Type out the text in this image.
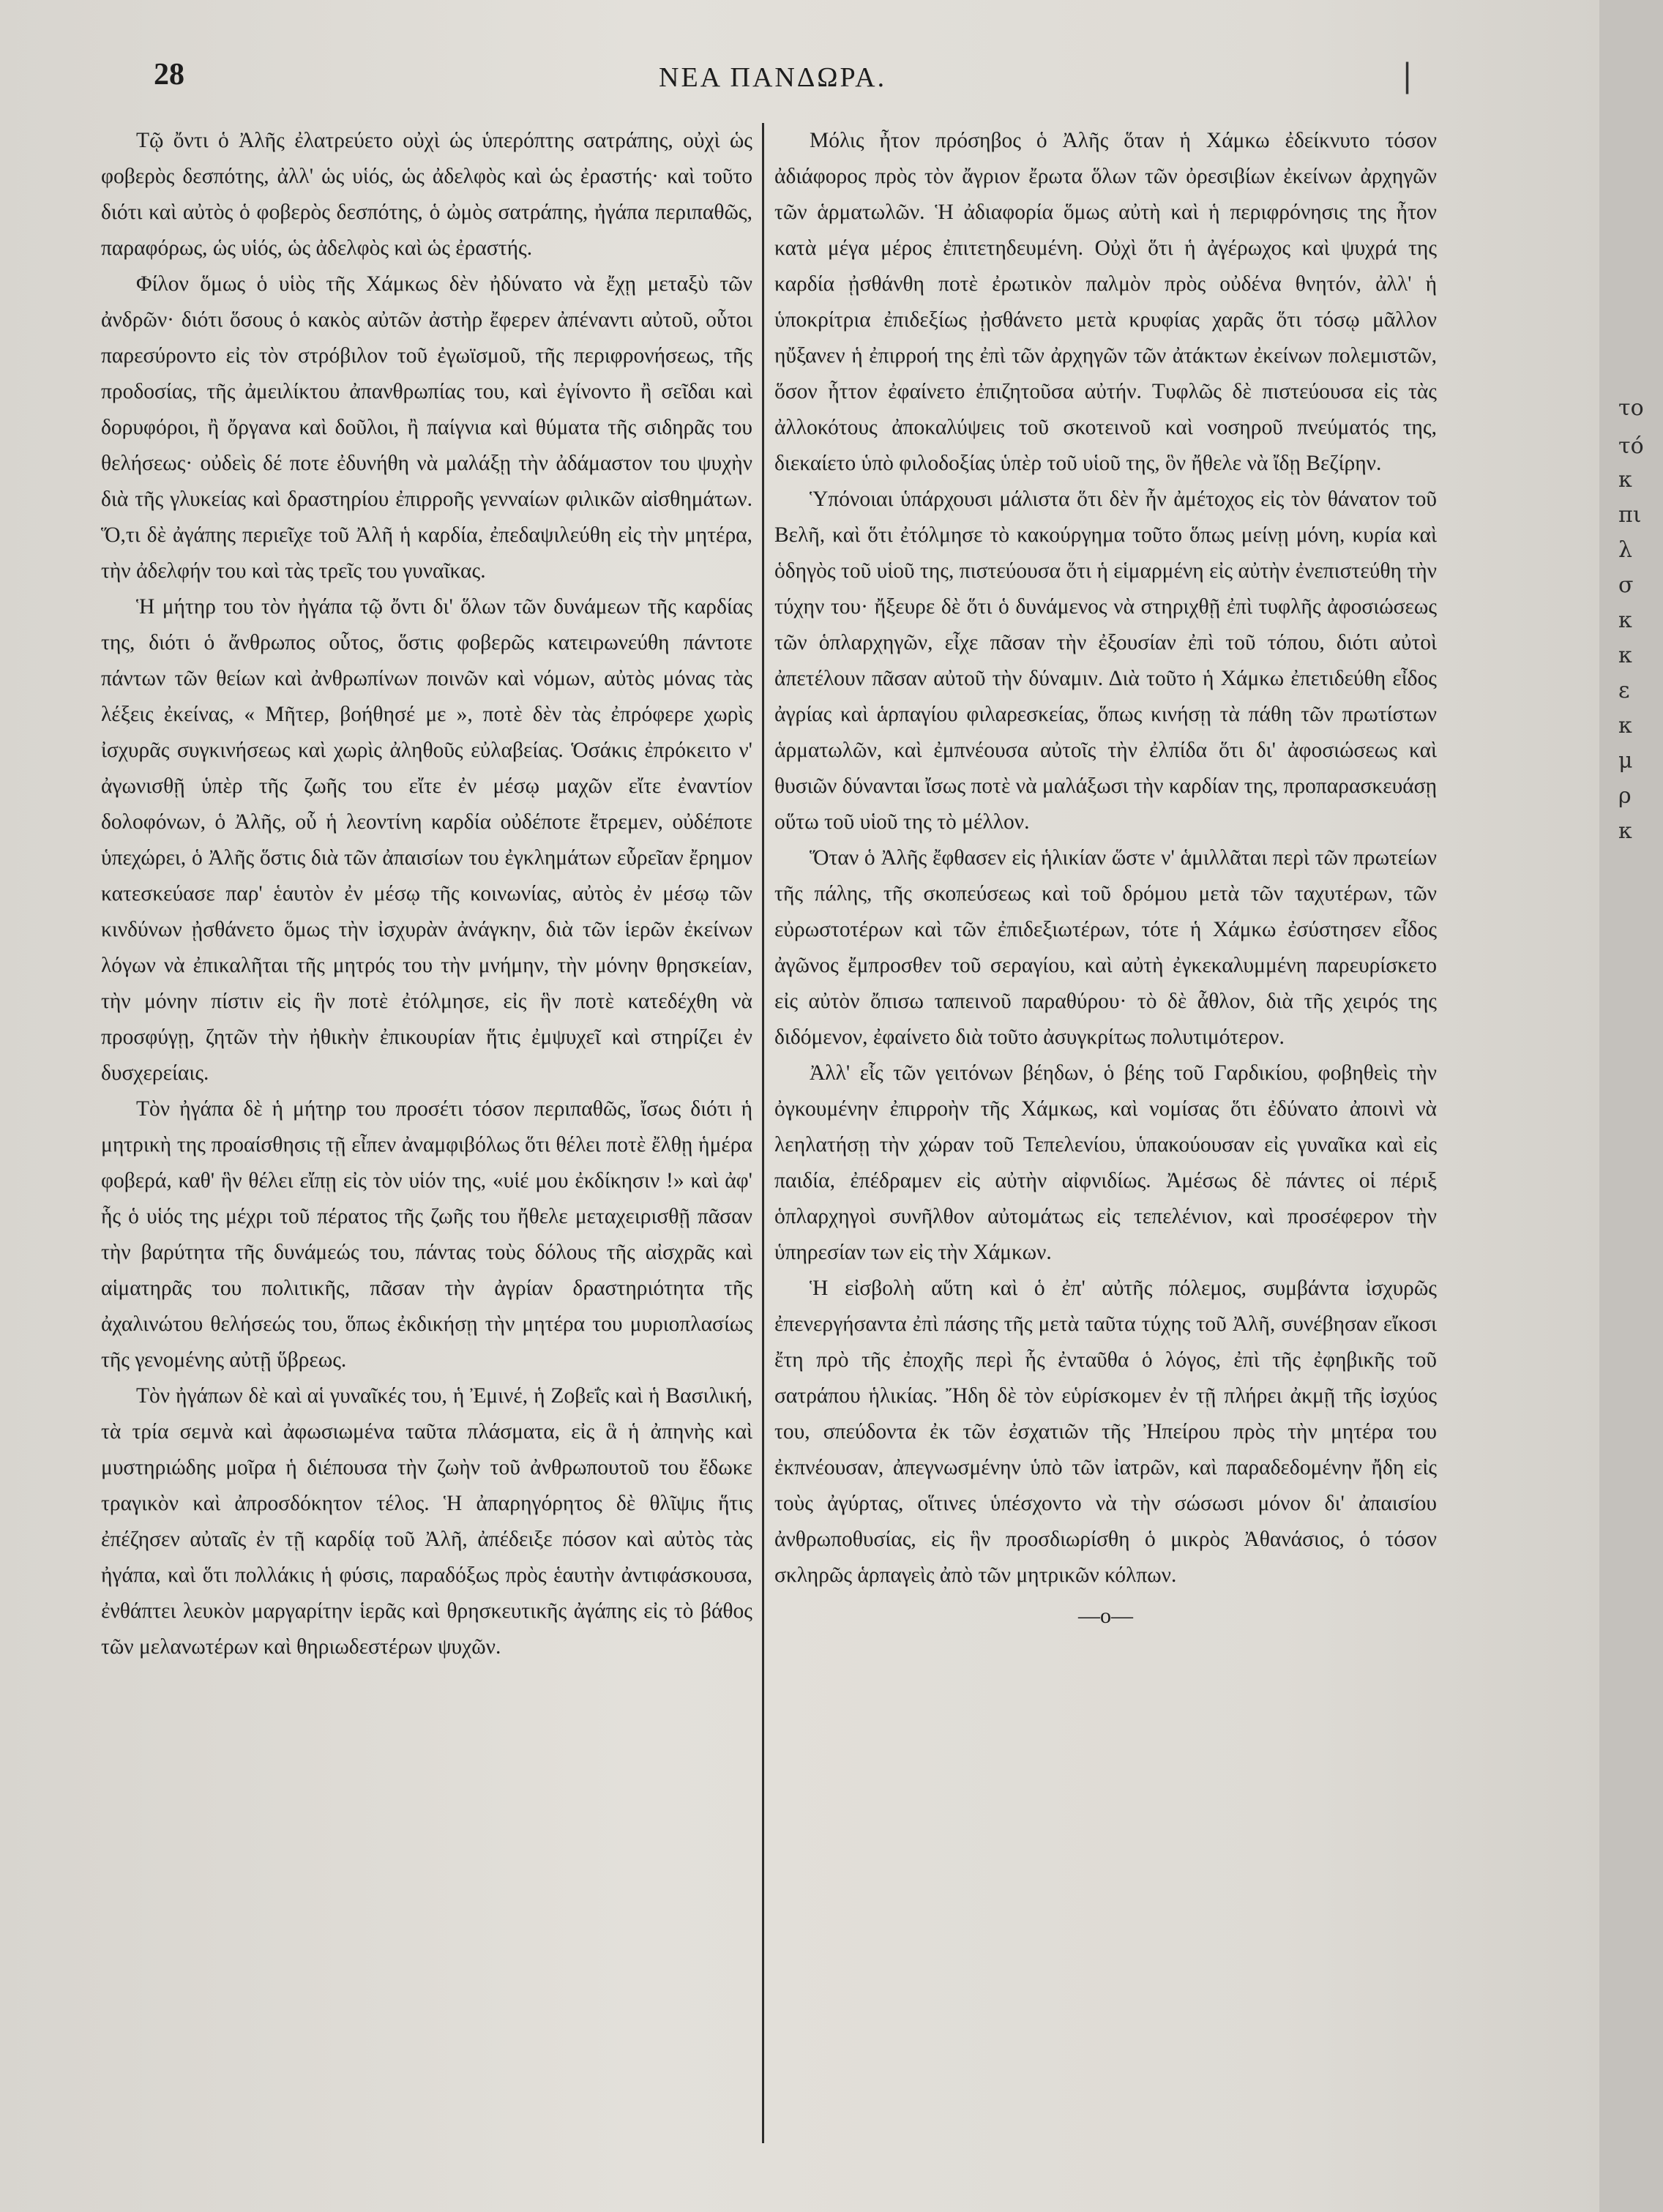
28	ΝΕΑ ΠΑΝΔΩΡΑ.	|

Τῷ ὄντι ὁ Ἀλῆς ἐλατρεύετο οὐχὶ ὡς ὑπερόπτης σατράπης, οὐχὶ ὡς φοβερὸς δεσπότης, ἀλλ' ὡς υἱός, ὡς ἀδελφὸς καὶ ὡς ἐραστής· καὶ τοῦτο διότι καὶ αὐτὸς ὁ φοβερὸς δεσπότης, ὁ ὠμὸς σατράπης, ἠγάπα περιπαθῶς, παραφόρως, ὡς υἱός, ὡς ἀδελφὸς καὶ ὡς ἐραστής.

Φίλον ὅμως ὁ υἱὸς τῆς Χάμκως δὲν ἠδύνατο νὰ ἔχῃ μεταξὺ τῶν ἀνδρῶν· διότι ὅσους ὁ κακὸς αὐτῶν ἀστὴρ ἔφερεν ἀπέναντι αὐτοῦ, οὗτοι παρεσύροντο εἰς τὸν στρόβιλον τοῦ ἐγωϊσμοῦ, τῆς περιφρονήσεως, τῆς προδοσίας, τῆς ἀμειλίκτου ἀπανθρωπίας του, καὶ ἐγίνοντο ἢ σεῖδαι καὶ δορυφόροι, ἢ ὄργανα καὶ δοῦλοι, ἢ παίγνια καὶ θύματα τῆς σιδηρᾶς του θελήσεως· οὐδεὶς δέ ποτε ἐδυνήθη νὰ μαλάξῃ τὴν ἀδάμαστον του ψυχὴν διὰ τῆς γλυκείας καὶ δραστηρίου ἐπιρροῆς γενναίων φιλικῶν αἰσθημάτων. Ὅ,τι δὲ ἀγάπης περιεῖχε τοῦ Ἀλῆ ἡ καρδία, ἐπεδαψιλεύθη εἰς τὴν μητέρα, τὴν ἀδελφήν του καὶ τὰς τρεῖς του γυναῖκας.

Ἡ μήτηρ του τὸν ἠγάπα τῷ ὄντι δι' ὅλων τῶν δυνάμεων τῆς καρδίας της, διότι ὁ ἄνθρωπος οὗτος, ὅστις φοβερῶς κατειρωνεύθη πάντοτε πάντων τῶν θείων καὶ ἀνθρωπίνων ποινῶν καὶ νόμων, αὐτὸς μόνας τὰς λέξεις ἐκείνας, « Μῆτερ, βοήθησέ με », ποτὲ δὲν τὰς ἐπρόφερε χωρὶς ἰσχυρᾶς συγκινήσεως καὶ χωρὶς ἀληθοῦς εὐλαβείας. Ὁσάκις ἐπρόκειτο ν' ἀγωνισθῇ ὑπὲρ τῆς ζωῆς του εἴτε ἐν μέσῳ μαχῶν εἴτε ἐναντίον δολοφόνων, ὁ Ἀλῆς, οὗ ἡ λεοντίνη καρδία οὐδέποτε ἔτρεμεν, οὐδέποτε ὑπεχώρει, ὁ Ἀλῆς ὅστις διὰ τῶν ἀπαισίων του ἐγκλημάτων εὗρεῖαν ἔρημον κατεσκεύασε παρ' ἑαυτὸν ἐν μέσῳ τῆς κοινωνίας, αὐτὸς ἐν μέσῳ τῶν κινδύνων ᾐσθάνετο ὅμως τὴν ἰσχυρὰν ἀνάγκην, διὰ τῶν ἱερῶν ἐκείνων λόγων νὰ ἐπικαλῆται τῆς μητρός του τὴν μνήμην, τὴν μόνην θρησκείαν, τὴν μόνην πίστιν εἰς ἣν ποτὲ ἐτόλμησε, εἰς ἣν ποτὲ κατεδέχθη νὰ προσφύγῃ, ζητῶν τὴν ἠθικὴν ἐπικουρίαν ἥτις ἐμψυχεῖ καὶ στηρίζει ἐν δυσχερείαις.

Τὸν ἠγάπα δὲ ἡ μήτηρ του προσέτι τόσον περιπαθῶς, ἴσως διότι ἡ μητρικὴ της προαίσθησις τῇ εἶπεν ἀναμφιβόλως ὅτι θέλει ποτὲ ἔλθῃ ἡμέρα φοβερά, καθ' ἣν θέλει εἴπῃ εἰς τὸν υἱόν της, «υἱέ μου ἐκδίκησιν !» καὶ ἀφ' ἧς ὁ υἱός της μέχρι τοῦ πέρατος τῆς ζωῆς του ἤθελε μεταχειρισθῇ πᾶσαν τὴν βαρύτητα τῆς δυνάμεώς του, πάντας τοὺς δόλους τῆς αἰσχρᾶς καὶ αἱματηρᾶς του πολιτικῆς, πᾶσαν τὴν ἀγρίαν δραστηριότητα τῆς ἀχαλινώτου θελήσεώς του, ὅπως ἐκδικήσῃ τὴν μητέρα του μυριοπλασίως τῆς γενομένης αὐτῇ ὕβρεως.

Τὸν ἠγάπων δὲ καὶ αἱ γυναῖκές του, ἡ Ἐμινέ, ἡ Ζοβεΐς καὶ ἡ Βασιλική, τὰ τρία σεμνὰ καὶ ἀφωσιωμένα ταῦτα πλάσματα, εἰς ἃ ἡ ἀπηνὴς καὶ μυστηριώδης μοῖρα ἡ διέπουσα τὴν ζωὴν τοῦ ἀνθρωπουτοῦ του ἔδωκε τραγικὸν καὶ ἀπροσδόκητον τέλος. Ἡ ἀπαρηγόρητος δὲ θλῖψις ἥτις ἐπέζησεν αὐταῖς ἐν τῇ καρδίᾳ τοῦ Ἀλῆ, ἀπέδειξε πόσον καὶ αὐτὸς τὰς ἠγάπα, καὶ ὅτι πολλάκις ἡ φύσις, παραδόξως πρὸς ἑαυτὴν ἀντιφάσκουσα, ἐνθάπτει λευκὸν μαργαρίτην ἱερᾶς καὶ θρησκευτικῆς ἀγάπης εἰς τὸ βάθος τῶν μελανωτέρων καὶ θηριωδεστέρων ψυχῶν.

Μόλις ἦτον πρόσηβος ὁ Ἀλῆς ὅταν ἡ Χάμκω ἐδείκνυτο τόσον ἀδιάφορος πρὸς τὸν ἄγριον ἔρωτα ὅλων τῶν ὀρεσιβίων ἐκείνων ἀρχηγῶν τῶν ἁρματωλῶν. Ἡ ἀδιαφορία ὅμως αὐτὴ καὶ ἡ περιφρόνησις της ἦτον κατὰ μέγα μέρος ἐπιτετηδευμένη. Οὐχὶ ὅτι ἡ ἀγέρωχος καὶ ψυχρά της καρδία ᾐσθάνθη ποτὲ ἐρωτικὸν παλμὸν πρὸς οὐδένα θνητόν, ἀλλ' ἡ ὑποκρίτρια ἐπιδεξίως ᾐσθάνετο μετὰ κρυφίας χαρᾶς ὅτι τόσῳ μᾶλλον ηὔξανεν ἡ ἐπιρροή της ἐπὶ τῶν ἀρχηγῶν τῶν ἀτάκτων ἐκείνων πολεμιστῶν, ὅσον ἧττον ἐφαίνετο ἐπιζητοῦσα αὐτήν. Τυφλῶς δὲ πιστεύουσα εἰς τὰς ἀλλοκότους ἀποκαλύψεις τοῦ σκοτεινοῦ καὶ νοσηροῦ πνεύματός της, διεκαίετο ὑπὸ φιλοδοξίας ὑπὲρ τοῦ υἱοῦ της, ὃν ἤθελε νὰ ἴδῃ Βεζίρην.

Ὑπόνοιαι ὑπάρχουσι μάλιστα ὅτι δὲν ἦν ἀμέτοχος εἰς τὸν θάνατον τοῦ Βελῆ, καὶ ὅτι ἐτόλμησε τὸ κακούργημα τοῦτο ὅπως μείνῃ μόνη, κυρία καὶ ὁδηγὸς τοῦ υἱοῦ της, πιστεύουσα ὅτι ἡ εἱμαρμένη εἰς αὐτὴν ἐνεπιστεύθη τὴν τύχην του· ἤξευρε δὲ ὅτι ὁ δυνάμενος νὰ στηριχθῇ ἐπὶ τυφλῆς ἀφοσιώσεως τῶν ὁπλαρχηγῶν, εἶχε πᾶσαν τὴν ἐξουσίαν ἐπὶ τοῦ τόπου, διότι αὐτοὶ ἀπετέλουν πᾶσαν αὐτοῦ τὴν δύναμιν. Διὰ τοῦτο ἡ Χάμκω ἐπετιδεύθη εἶδος ἀγρίας καὶ ἁρπαγίου φιλαρεσκείας, ὅπως κινήσῃ τὰ πάθη τῶν πρωτίστων ἁρματωλῶν, καὶ ἐμπνέουσα αὐτοῖς τὴν ἐλπίδα ὅτι δι' ἀφοσιώσεως καὶ θυσιῶν δύνανται ἴσως ποτὲ νὰ μαλάξωσι τὴν καρδίαν της, προπαρασκευάσῃ οὕτω τοῦ υἱοῦ της τὸ μέλλον.

Ὅταν ὁ Ἀλῆς ἔφθασεν εἰς ἡλικίαν ὥστε ν' ἁμιλλᾶται περὶ τῶν πρωτείων τῆς πάλης, τῆς σκοπεύσεως καὶ τοῦ δρόμου μετὰ τῶν ταχυτέρων, τῶν εὐρωστοτέρων καὶ τῶν ἐπιδεξιωτέρων, τότε ἡ Χάμκω ἐσύστησεν εἶδος ἀγῶνος ἔμπροσθεν τοῦ σεραγίου, καὶ αὐτὴ ἐγκεκαλυμμένη παρευρίσκετο εἰς αὐτὸν ὄπισω ταπεινοῦ παραθύρου· τὸ δὲ ἆθλον, διὰ τῆς χειρός της διδόμενον, ἐφαίνετο διὰ τοῦτο ἀσυγκρίτως πολυτιμότερον.

Ἀλλ' εἷς τῶν γειτόνων βέηδων, ὁ βέης τοῦ Γαρδικίου, φοβηθεὶς τὴν ὀγκουμένην ἐπιρροὴν τῆς Χάμκως, καὶ νομίσας ὅτι ἐδύνατο ἀποινὶ νὰ λεηλατήσῃ τὴν χώραν τοῦ Τεπελενίου, ὑπακούουσαν εἰς γυναῖκα καὶ εἰς παιδία, ἐπέδραμεν εἰς αὐτὴν αἰφνιδίως. Ἀμέσως δὲ πάντες οἱ πέριξ ὁπλαρχηγοὶ συνῆλθον αὐτομάτως εἰς τεπελένιον, καὶ προσέφερον τὴν ὑπηρεσίαν των εἰς τὴν Χάμκων.

Ἡ εἰσβολὴ αὕτη καὶ ὁ ἐπ' αὐτῆς πόλεμος, συμβάντα ἰσχυρῶς ἐπενεργήσαντα ἐπὶ πάσης τῆς μετὰ ταῦτα τύχης τοῦ Ἀλῆ, συνέβησαν εἴκοσι ἔτη πρὸ τῆς ἐποχῆς περὶ ἧς ἐνταῦθα ὁ λόγος, ἐπὶ τῆς ἐφηβικῆς τοῦ σατράπου ἡλικίας. Ἤδη δὲ τὸν εὑρίσκομεν ἐν τῇ πλήρει ἀκμῇ τῆς ἰσχύος του, σπεύδοντα ἐκ τῶν ἐσχατιῶν τῆς Ἠπείρου πρὸς τὴν μητέρα του ἐκπνέουσαν, ἀπεγνωσμένην ὑπὸ τῶν ἰατρῶν, καὶ παραδεδομένην ἤδη εἰς τοὺς ἀγύρτας, οἵτινες ὑπέσχοντο νὰ τὴν σώσωσι μόνον δι' ἀπαισίου ἀνθρωποθυσίας, εἰς ἣν προσδιωρίσθη ὁ μικρὸς Ἀθανάσιος, ὁ τόσον σκληρῶς ἁρπαγεὶς ἀπὸ τῶν μητρικῶν κόλπων.

—o—
το
τό
κ
πι
λ
σ
κ
κ
ε
κ
μ
ρ
κ
